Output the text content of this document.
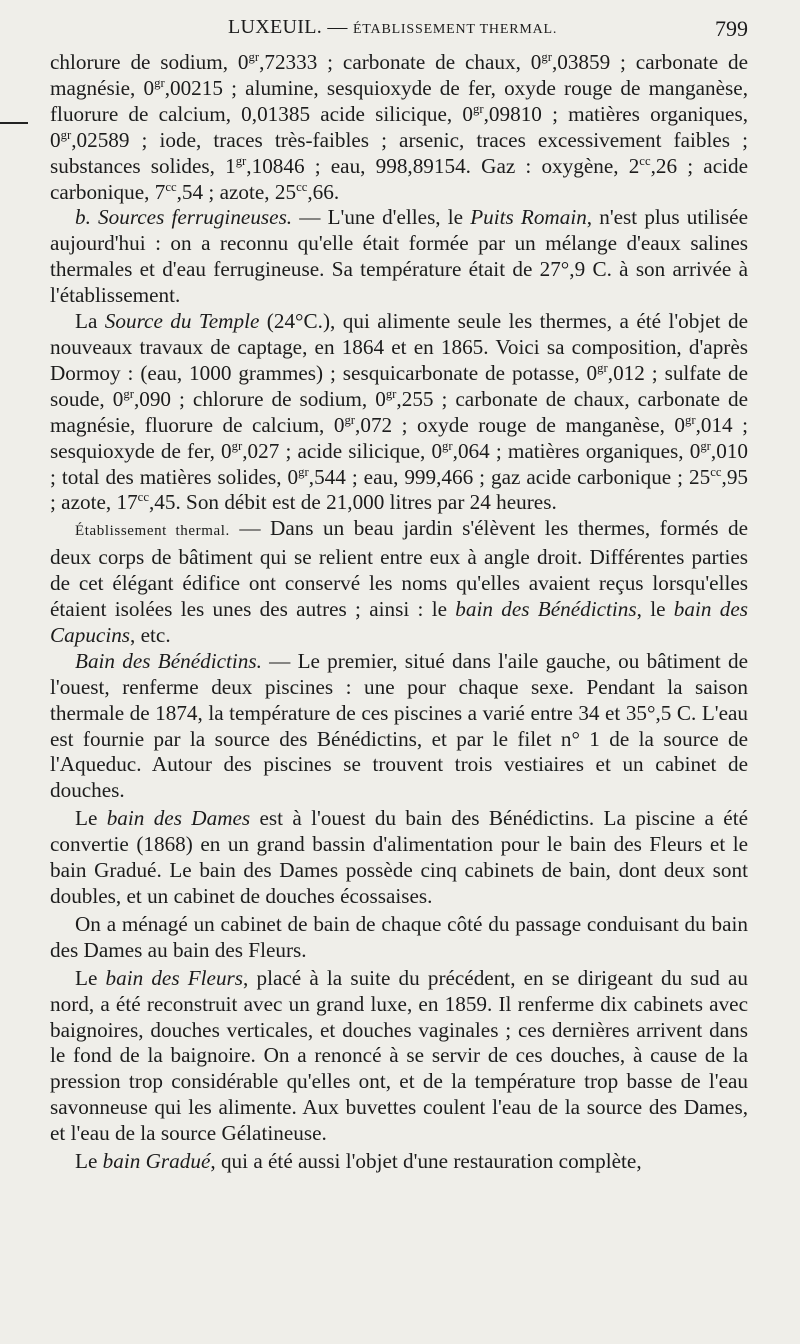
LUXEUIL. — ÉTABLISSEMENT THERMAL.	799

chlorure de sodium, $0^{gr},72333$ ; carbonate de chaux, $0^{gr},03859$ ; carbonate de magnésie, $0^{gr},00215$ ; alumine, sesquioxyde de fer, oxyde rouge de manganèse, fluorure de calcium, 0,01385 acide silicique, $0^{gr},09810$ ; matières organiques, $0^{gr},02589$ ; iode, traces très-faibles ; arsenic, traces excessivement faibles ; substances solides, $1^{gr},10846$ ; eau, 998,89154. Gaz : oxygène, $2^{cc},26$ ; acide carbonique, $7^{cc},54$ ; azote, $25^{cc},66$.

b. Sources ferrugineuses. — L'une d'elles, le Puits Romain, n'est plus utilisée aujourd'hui : on a reconnu qu'elle était formée par un mélange d'eaux salines thermales et d'eau ferrugineuse. Sa température était de 27°,9 C. à son arrivée à l'établissement.

La Source du Temple (24°C.), qui alimente seule les thermes, a été l'objet de nouveaux travaux de captage, en 1864 et en 1865. Voici sa composition, d'après Dormoy : (eau, 1000 grammes) ; sesquicarbonate de potasse, $0^{gr},012$ ; sulfate de soude, $0^{gr},090$ ; chlorure de sodium, $0^{gr},255$ ; carbonate de chaux, carbonate de magnésie, fluorure de calcium, $0^{gr},072$ ; oxyde rouge de manganèse, $0^{gr},014$ ; sesquioxyde de fer, $0^{gr},027$ ; acide silicique, $0^{gr},064$ ; matières organiques, $0^{gr},010$ ; total des matières solides, $0^{gr},544$ ; eau, 999,466 ; gaz acide carbonique ; $25^{cc},95$ ; azote, $17^{cc},45$. Son débit est de 21,000 litres par 24 heures.

Établissement thermal. — Dans un beau jardin s'élèvent les thermes, formés de deux corps de bâtiment qui se relient entre eux à angle droit. Différentes parties de cet élégant édifice ont conservé les noms qu'elles avaient reçus lorsqu'elles étaient isolées les unes des autres ; ainsi : le bain des Bénédictins, le bain des Capucins, etc.

Bain des Bénédictins. — Le premier, situé dans l'aile gauche, ou bâtiment de l'ouest, renferme deux piscines : une pour chaque sexe. Pendant la saison thermale de 1874, la température de ces piscines a varié entre 34 et 35°,5 C. L'eau est fournie par la source des Bénédictins, et par le filet n° 1 de la source de l'Aqueduc. Autour des piscines se trouvent trois vestiaires et un cabinet de douches.

Le bain des Dames est à l'ouest du bain des Bénédictins. La piscine a été convertie (1868) en un grand bassin d'alimentation pour le bain des Fleurs et le bain Gradué. Le bain des Dames possède cinq cabinets de bain, dont deux sont doubles, et un cabinet de douches écossaises.

On a ménagé un cabinet de bain de chaque côté du passage conduisant du bain des Dames au bain des Fleurs.

Le bain des Fleurs, placé à la suite du précédent, en se dirigeant du sud au nord, a été reconstruit avec un grand luxe, en 1859. Il renferme dix cabinets avec baignoires, douches verticales, et douches vaginales ; ces dernières arrivent dans le fond de la baignoire. On a renoncé à se servir de ces douches, à cause de la pression trop considérable qu'elles ont, et de la température trop basse de l'eau savonneuse qui les alimente. Aux buvettes coulent l'eau de la source des Dames, et l'eau de la source Gélatineuse.

Le bain Gradué, qui a été aussi l'objet d'une restauration complète,
